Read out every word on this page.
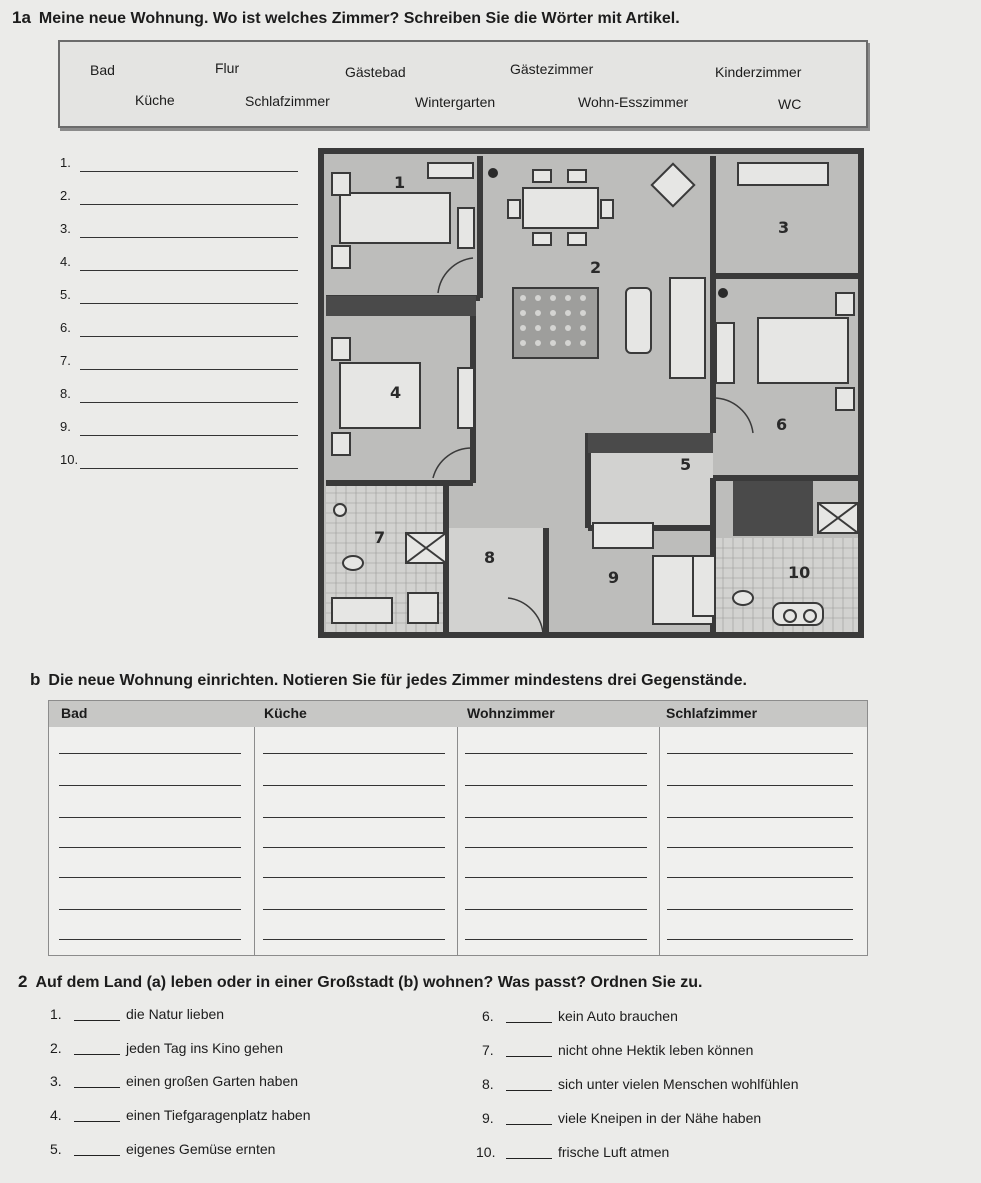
1a Meine neue Wohnung. Wo ist welches Zimmer? Schreiben Sie die Wörter mit Artikel.
Bad	Flur	Gästebad	Gästezimmer	Kinderzimmer
Küche	Schlafzimmer	Wintergarten	Wohn-Esszimmer	WC
1.
2.
3.
4.
5.
6.
7.
8.
9.
10.
1
2
3
4
5
6
7
8
9	10
b Die neue Wohnung einrichten. Notieren Sie für jedes Zimmer mindestens drei Gegenstände.
Bad	Küche	Wohnzimmer	Schlafzimmer
2 Auf dem Land (a) leben oder in einer Großstadt (b) wohnen? Was passt? Ordnen Sie zu.
1.	die Natur lieben
2.	jeden Tag ins Kino gehen
3.	einen großen Garten haben
4.	einen Tiefgaragenplatz haben
5.	eigenes Gemüse ernten
6.	kein Auto brauchen
7.	nicht ohne Hektik leben können
8.	sich unter vielen Menschen wohlfühlen
9.	viele Kneipen in der Nähe haben
10.	frische Luft atmen
